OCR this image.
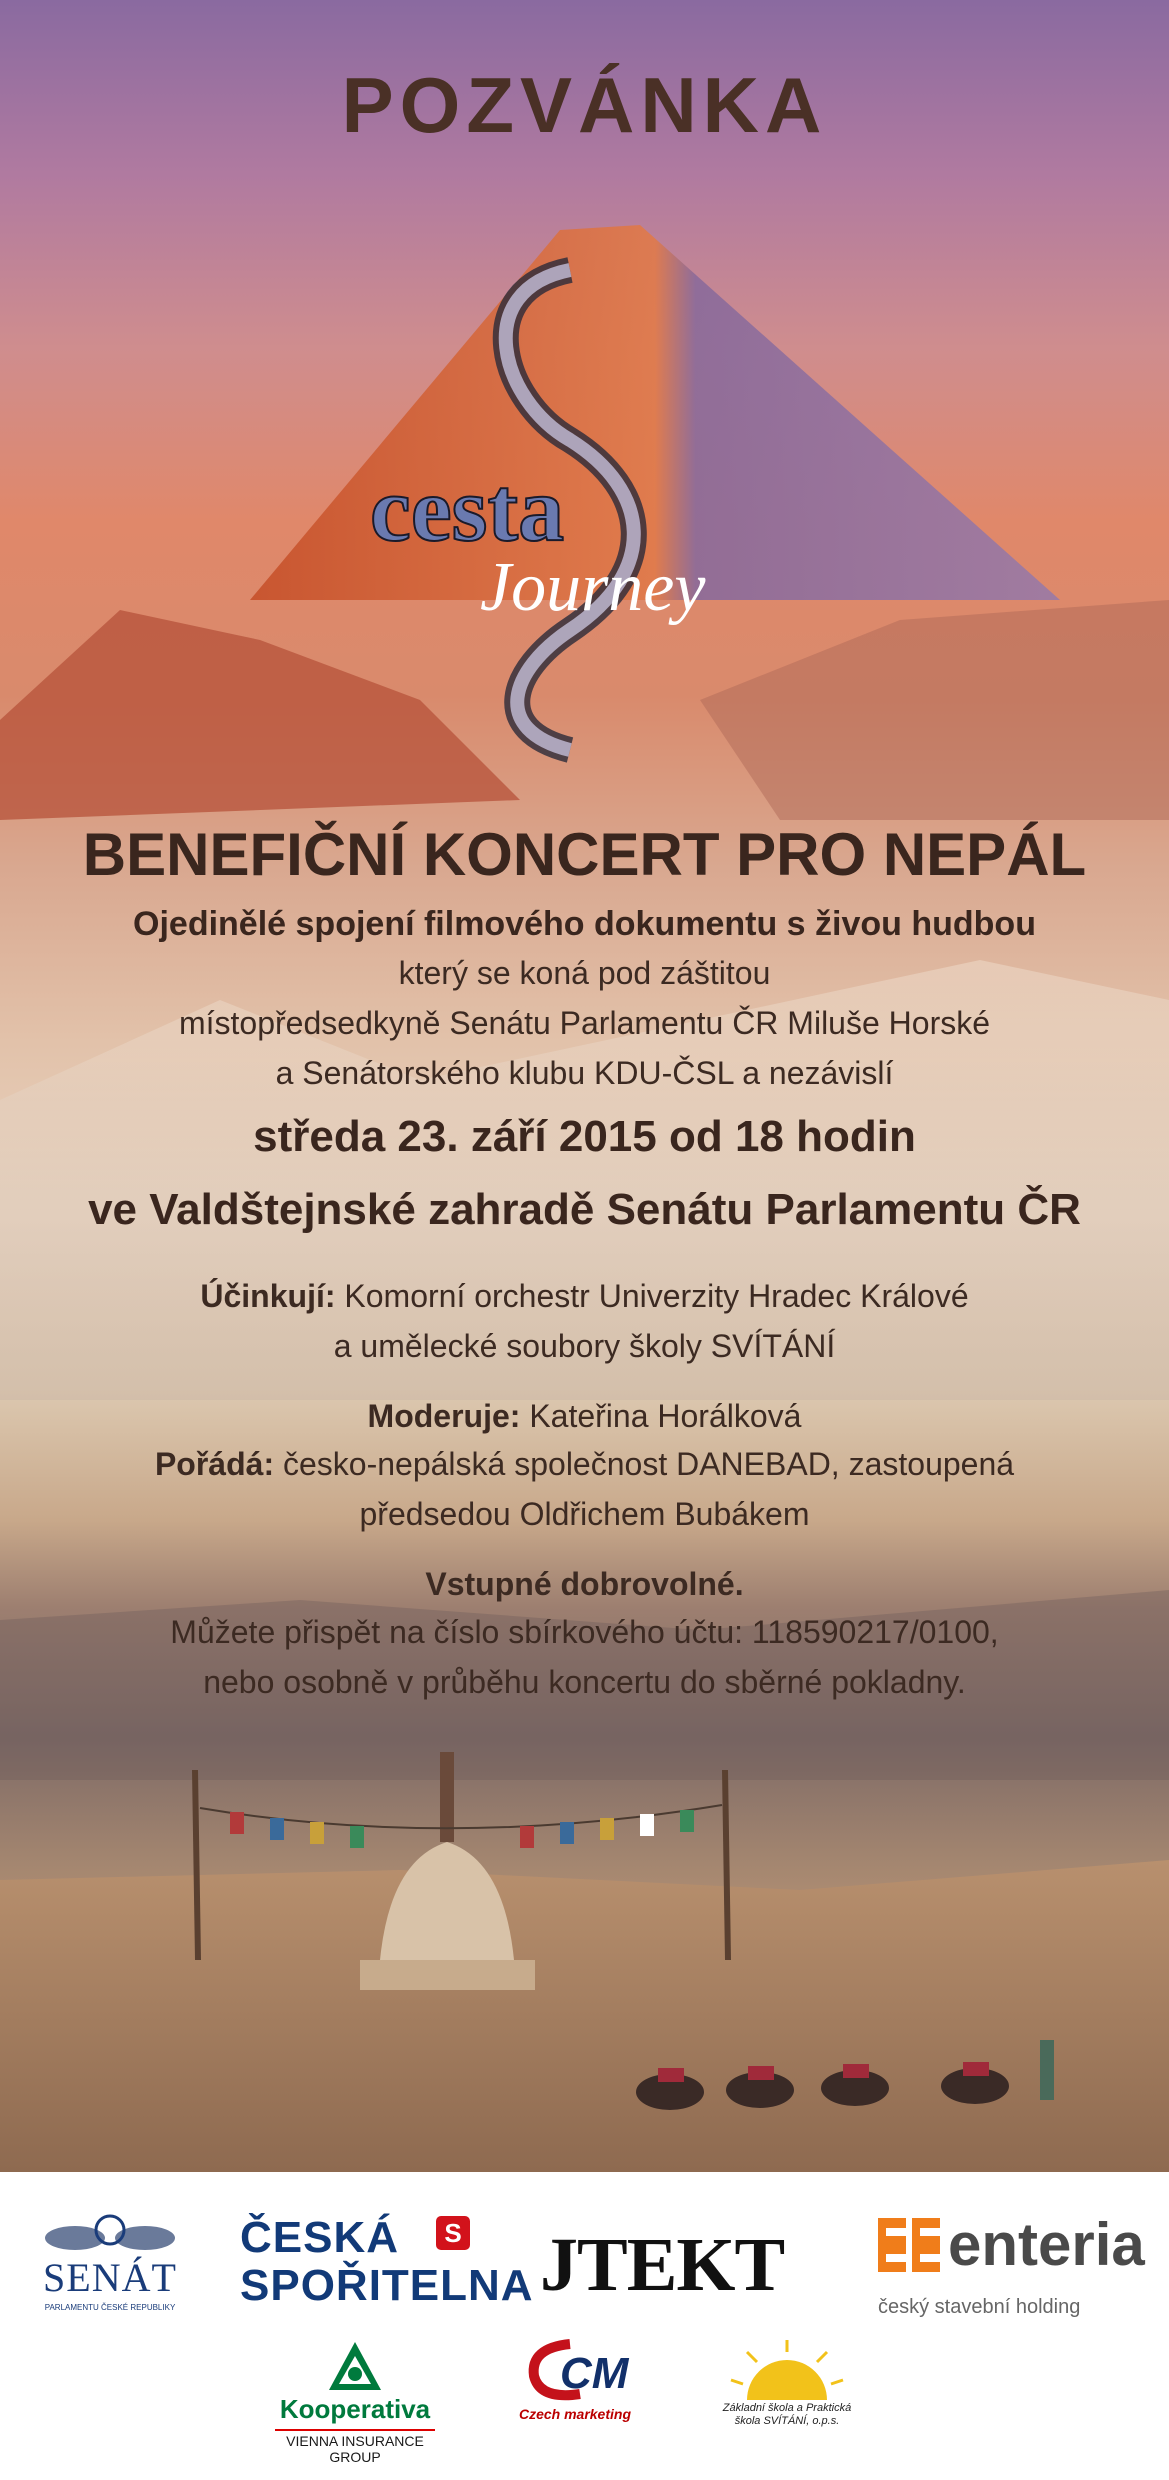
POZVÁNKA
cesta
Journey
BENEFIČNÍ KONCERT PRO NEPÁL

Ojedinělé spojení filmového dokumentu s živou hudbou

který se koná pod záštitou

místopředsedkyně Senátu Parlamentu ČR Miluše Horské

a Senátorského klubu KDU-ČSL a nezávislí

středa 23. září 2015 od 18 hodin

ve Valdštejnské zahradě Senátu Parlamentu ČR

Účinkují: Komorní orchestr Univerzity Hradec Králové

a umělecké soubory školy SVÍTÁNÍ

Moderuje: Kateřina Horálková

Pořádá: česko-nepálská společnost DANEBAD, zastoupená

předsedou Oldřichem Bubákem

Vstupné dobrovolné.

Můžete přispět na číslo sbírkového účtu: 118590217/0100,

nebo osobně v průběhu koncertu do sběrné pokladny.

SENÁT
PARLAMENTU ČESKÉ REPUBLIKY
ČESKÁ
SPOŘITELNA
S JTEKT	enteria
český stavební holding
Kooperativa
VIENNA INSURANCE GROUP
CM
Czech marketing	Základní škola a Praktická škola SVÍTÁNÍ, o.p.s.
